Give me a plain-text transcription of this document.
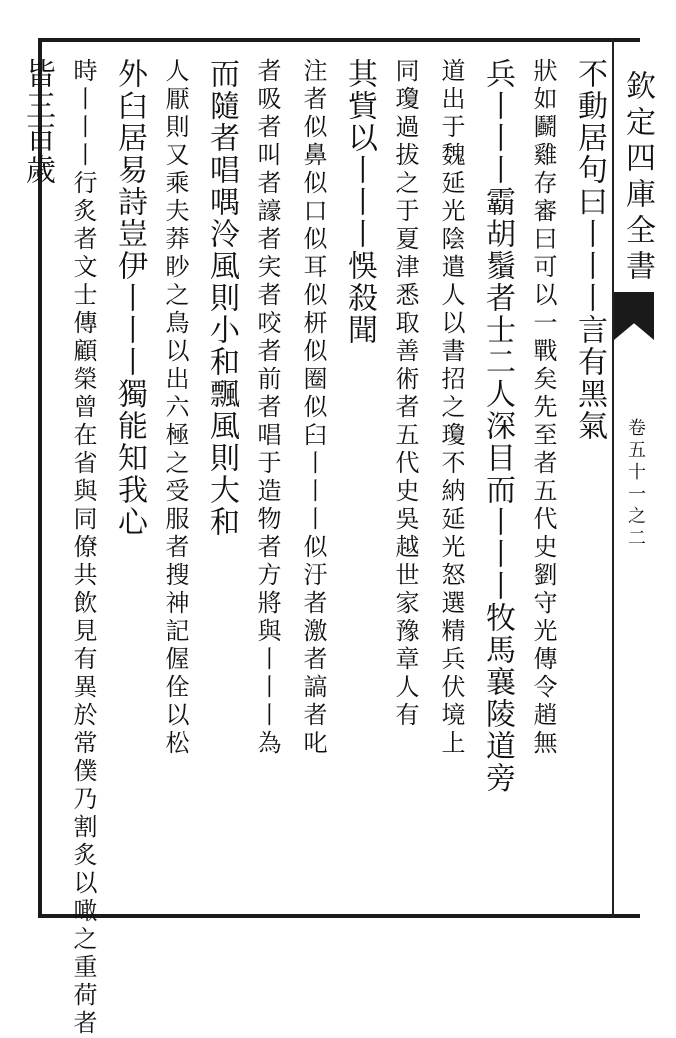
欽定四庫全書
卷五十一之二
不動居句曰丨丨丨言有黑氣
狀如鬬雞存審曰可以一戰矣先至者五代史劉守光傳令趙無
兵丨丨丨霸胡鬚者士二人深目而丨丨丨牧馬襄陵道旁
道出于魏延光陰遣人以書招之瓊不納延光怒選精兵伏境上
同瓊過拔之于夏津悉取善術者五代史吳越世家豫章人有
其貲以丨丨丨悞殺聞
注者似鼻似口似耳似枅似圈似臼丨丨丨似汙者激者謞者叱
者吸者叫者譹者宎者咬者前者唱于造物者方將與丨丨丨為
而隨者唱喁泠風則小和飄風則大和
人厭則又乘夫莽眇之鳥以出六極之受服者搜神記偓佺以松
外臼居易詩豈伊丨丨丨獨能知我心
時丨丨丨行炙者文士傳顧榮曾在省與同僚共飲見有異於常僕乃割炙以噉之重荷者
皆三百歲
